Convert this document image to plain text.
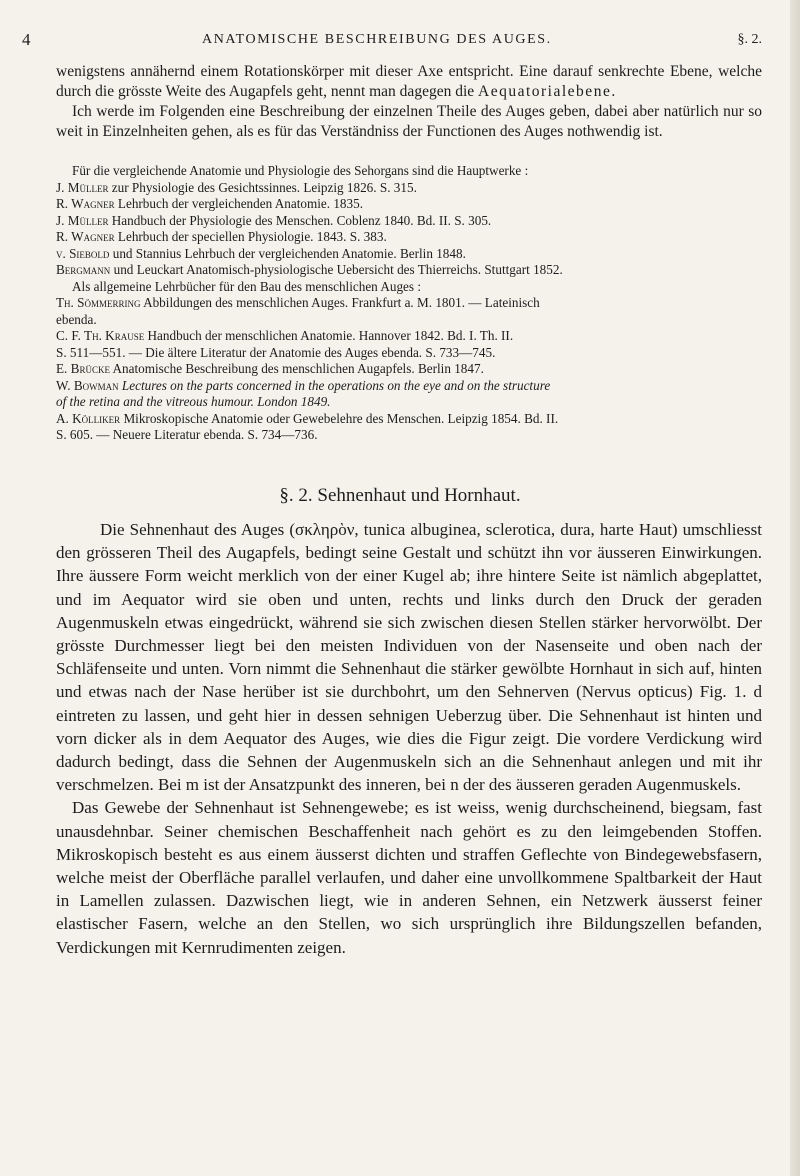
4	ANATOMISCHE BESCHREIBUNG DES AUGES.	§. 2.

wenigstens annähernd einem Rotationskörper mit dieser Axe entspricht. Eine darauf senkrechte Ebene, welche durch die grösste Weite des Augapfels geht, nennt man dagegen die Aequatorialebene.

Ich werde im Folgenden eine Beschreibung der einzelnen Theile des Auges geben, dabei aber natürlich nur so weit in Einzelnheiten gehen, als es für das Verständniss der Functionen des Auges nothwendig ist.

Für die vergleichende Anatomie und Physiologie des Sehorgans sind die Hauptwerke :
J. Müller zur Physiologie des Gesichtssinnes. Leipzig 1826. S. 315.
R. Wagner Lehrbuch der vergleichenden Anatomie. 1835.
J. Müller Handbuch der Physiologie des Menschen. Coblenz 1840. Bd. II. S. 305.
R. Wagner Lehrbuch der speciellen Physiologie. 1843. S. 383.
v. Siebold und Stannius Lehrbuch der vergleichenden Anatomie. Berlin 1848.
Bergmann und Leuckart Anatomisch-physiologische Uebersicht des Thierreichs. Stuttgart 1852.
Als allgemeine Lehrbücher für den Bau des menschlichen Auges :
Th. Sömmerring Abbildungen des menschlichen Auges. Frankfurt a. M. 1801. — Lateinisch
ebenda.
C. F. Th. Krause Handbuch der menschlichen Anatomie. Hannover 1842. Bd. I. Th. II.
S. 511—551. — Die ältere Literatur der Anatomie des Auges ebenda. S. 733—745.
E. Brücke Anatomische Beschreibung des menschlichen Augapfels. Berlin 1847.
W. Bowman Lectures on the parts concerned in the operations on the eye and on the structure
of the retina and the vitreous humour. London 1849.
A. Kölliker Mikroskopische Anatomie oder Gewebelehre des Menschen. Leipzig 1854. Bd. II.
S. 605. — Neuere Literatur ebenda. S. 734—736.
§. 2. Sehnenhaut und Hornhaut.

Die Sehnenhaut des Auges (σκληρὸν, tunica albuginea, sclerotica, dura, harte Haut) umschliesst den grösseren Theil des Augapfels, bedingt seine Gestalt und schützt ihn vor äusseren Einwirkungen. Ihre äussere Form weicht merklich von der einer Kugel ab; ihre hintere Seite ist nämlich abgeplattet, und im Aequator wird sie oben und unten, rechts und links durch den Druck der geraden Augenmuskeln etwas eingedrückt, während sie sich zwischen diesen Stellen stärker hervorwölbt. Der grösste Durchmesser liegt bei den meisten Individuen von der Nasenseite und oben nach der Schläfenseite und unten. Vorn nimmt die Sehnenhaut die stärker gewölbte Hornhaut in sich auf, hinten und etwas nach der Nase herüber ist sie durchbohrt, um den Sehnerven (Nervus opticus) Fig. 1. d eintreten zu lassen, und geht hier in dessen sehnigen Ueberzug über. Die Sehnenhaut ist hinten und vorn dicker als in dem Aequator des Auges, wie dies die Figur zeigt. Die vordere Verdickung wird dadurch bedingt, dass die Sehnen der Augenmuskeln sich an die Sehnenhaut anlegen und mit ihr verschmelzen. Bei m ist der Ansatzpunkt des inneren, bei n der des äusseren geraden Augenmuskels.

Das Gewebe der Sehnenhaut ist Sehnengewebe; es ist weiss, wenig durchscheinend, biegsam, fast unausdehnbar. Seiner chemischen Beschaffenheit nach gehört es zu den leimgebenden Stoffen. Mikroskopisch besteht es aus einem äusserst dichten und straffen Geflechte von Bindegewebsfasern, welche meist der Oberfläche parallel verlaufen, und daher eine unvollkommene Spaltbarkeit der Haut in Lamellen zulassen. Dazwischen liegt, wie in anderen Sehnen, ein Netzwerk äusserst feiner elastischer Fasern, welche an den Stellen, wo sich ursprünglich ihre Bildungszellen befanden, Verdickungen mit Kernrudimenten zeigen.
